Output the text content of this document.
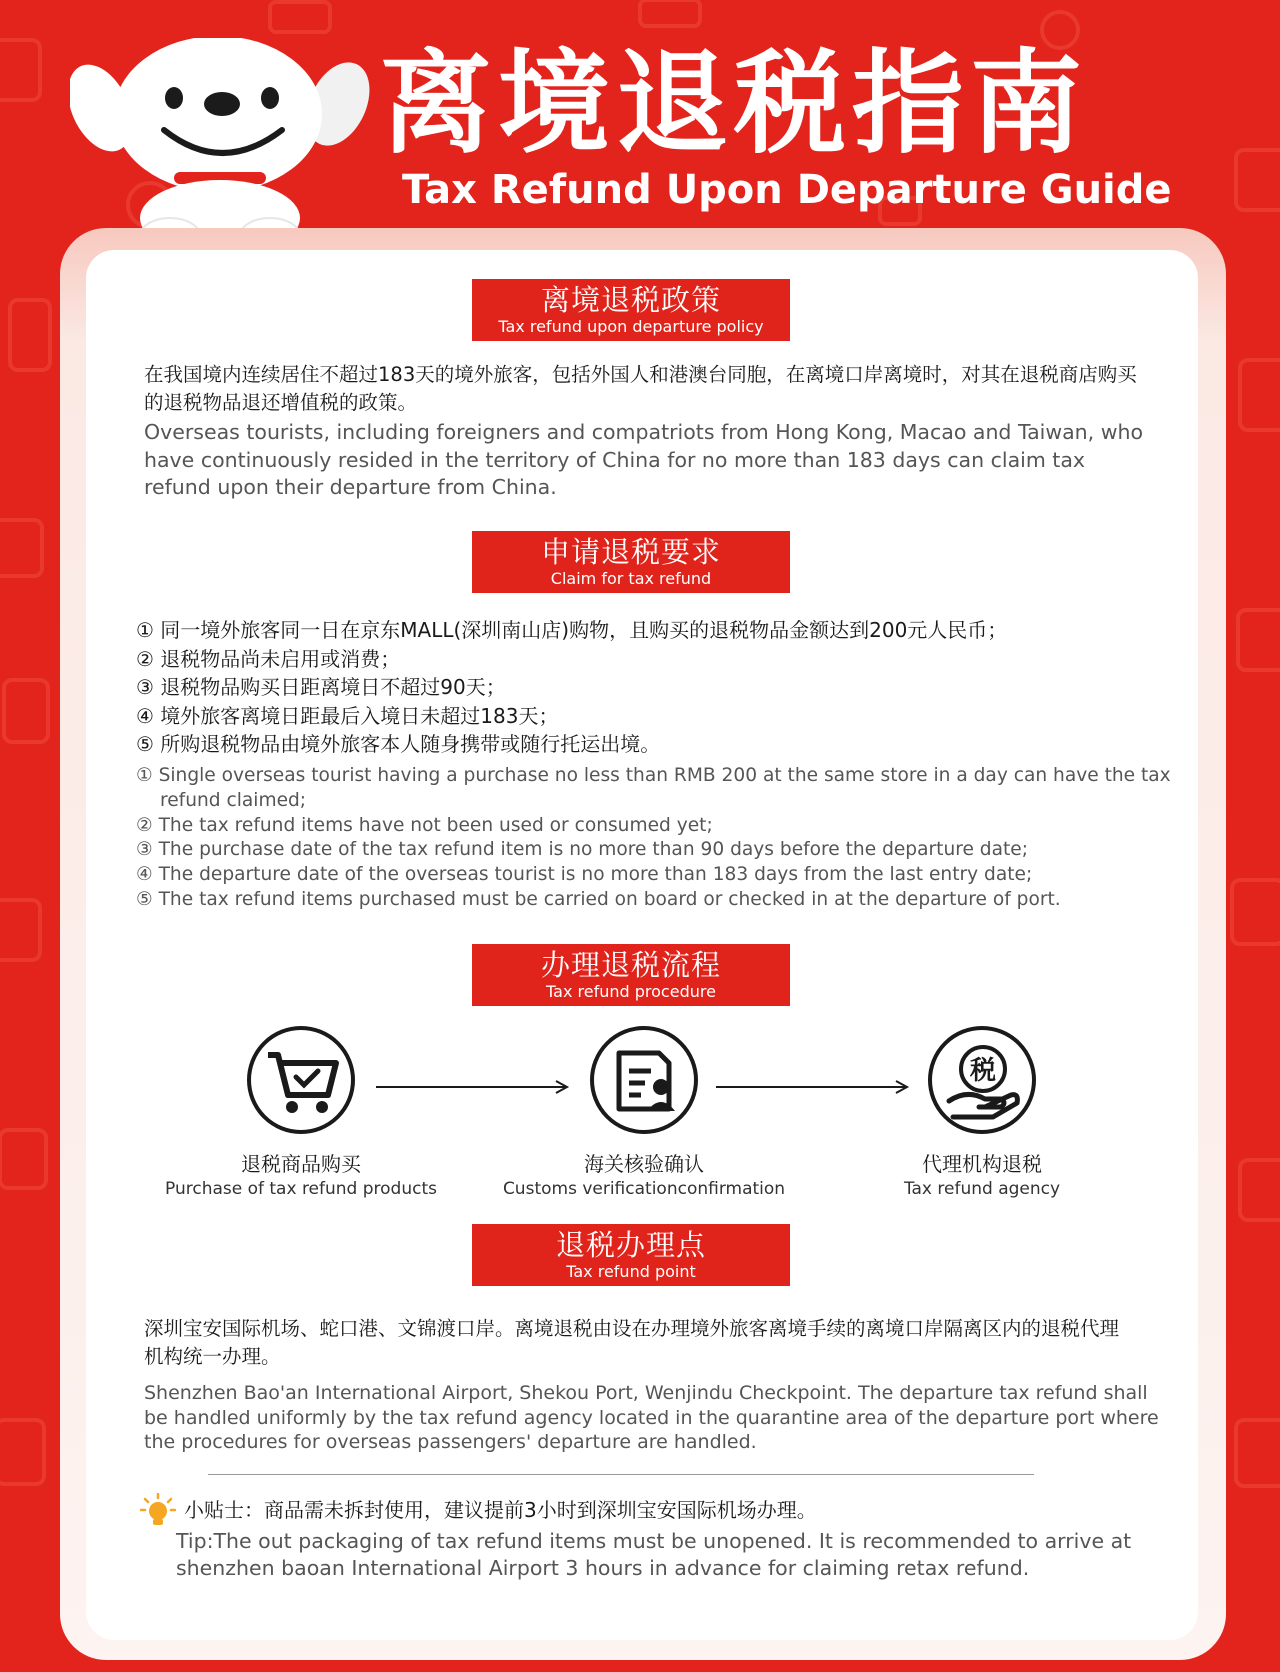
离境退税指南
Tax Refund Upon Departure Guide
离境退税政策
Tax refund upon departure policy
在我国境内连续居住不超过183天的境外旅客，包括外国人和港澳台同胞，在离境口岸离境时，对其在退税商店购买的退税物品退还增值税的政策。
Overseas tourists, including foreigners and compatriots from Hong Kong, Macao and Taiwan, who have continuously resided in the territory of China for no more than 183 days can claim tax refund upon their departure from China.
申请退税要求
Claim for tax refund
① 同一境外旅客同一日在京东MALL(深圳南山店)购物，且购买的退税物品金额达到200元人民币；
② 退税物品尚未启用或消费；
③ 退税物品购买日距离境日不超过90天；
④ 境外旅客离境日距最后入境日未超过183天；
⑤ 所购退税物品由境外旅客本人随身携带或随行托运出境。
① Single overseas tourist having a purchase no less than RMB 200 at the same store in a day can have the tax refund claimed;
② The tax refund items have not been used or consumed yet;
③ The purchase date of the tax refund item is no more than 90 days before the departure date;
④ The departure date of the overseas tourist is no more than 183 days from the last entry date;
⑤ The tax refund items purchased must be carried on board or checked in at the departure of port.
办理退税流程
Tax refund procedure
退税商品购买
Purchase of tax refund products
海关核验确认
Customs verificationconfirmation
税
代理机构退税
Tax refund agency
退税办理点
Tax refund point
深圳宝安国际机场、蛇口港、文锦渡口岸。离境退税由设在办理境外旅客离境手续的离境口岸隔离区内的退税代理机构统一办理。
Shenzhen Bao'an International Airport, Shekou Port, Wenjindu Checkpoint. The departure tax refund shall be handled uniformly by the tax refund agency located in the quarantine area of the departure port where the procedures for overseas passengers' departure are handled.
小贴士：商品需未拆封使用，建议提前3小时到深圳宝安国际机场办理。
Tip:The out packaging of tax refund items must be unopened. It is recommended to arrive at shenzhen baoan International Airport 3 hours in advance for claiming retax refund.
